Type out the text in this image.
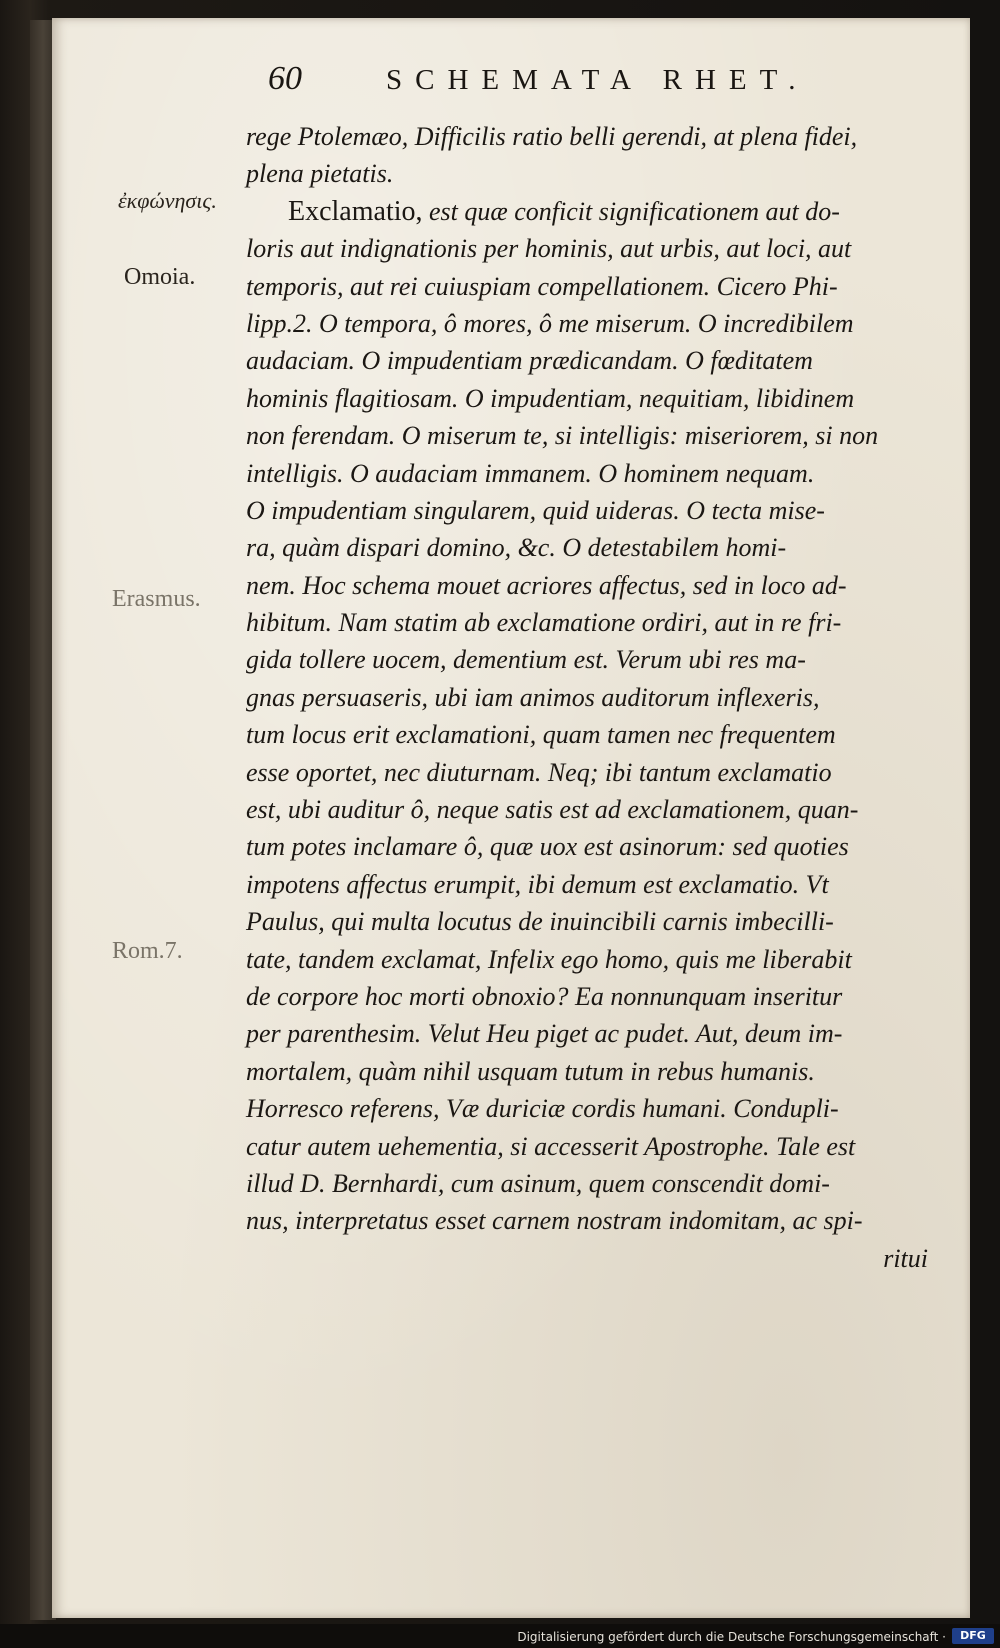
60	SCHEMATA RHET.
ἐκφώνησις.
Omoia.
Erasmus.
Rom.7.
rege Ptolemæo, Difficilis ratio belli gerendi, at plena fidei,
plena pietatis.
Exclamatio, est quæ conficit significationem aut do-
loris aut indignationis per hominis, aut urbis, aut loci, aut
temporis, aut rei cuiuspiam compellationem. Cicero Phi-
lipp.2. O tempora, ô mores, ô me miserum. O incredibilem
audaciam. O impudentiam prædicandam. O fœditatem
hominis flagitiosam. O impudentiam, nequitiam, libidinem
non ferendam. O miserum te, si intelligis: miseriorem, si non
intelligis. O audaciam immanem. O hominem nequam.
O impudentiam singularem, quid uideras. O tecta mise-
ra, quàm dispari domino, &c. O detestabilem homi-
nem. Hoc schema mouet acriores affectus, sed in loco ad-
hibitum. Nam statim ab exclamatione ordiri, aut in re fri-
gida tollere uocem, dementium est. Verum ubi res ma-
gnas persuaseris, ubi iam animos auditorum inflexeris,
tum locus erit exclamationi, quam tamen nec frequentem
esse oportet, nec diuturnam. Neq; ibi tantum exclamatio
est, ubi auditur ô, neque satis est ad exclamationem, quan-
tum potes inclamare ô, quæ uox est asinorum: sed quoties
impotens affectus erumpit, ibi demum est exclamatio. Vt
Paulus, qui multa locutus de inuincibili carnis imbecilli-
tate, tandem exclamat, Infelix ego homo, quis me liberabit
de corpore hoc morti obnoxio? Ea nonnunquam inseritur
per parenthesim. Velut Heu piget ac pudet. Aut, deum im-
mortalem, quàm nihil usquam tutum in rebus humanis.
Horresco referens, Væ duriciæ cordis humani. Condupli-
catur autem uehementia, si accesserit Apostrophe. Tale est
illud D. Bernhardi, cum asinum, quem conscendit domi-
nus, interpretatus esset carnem nostram indomitam, ac spi-
ritui
Digitalisierung gefördert durch die Deutsche Forschungsgemeinschaft ·	DFG
